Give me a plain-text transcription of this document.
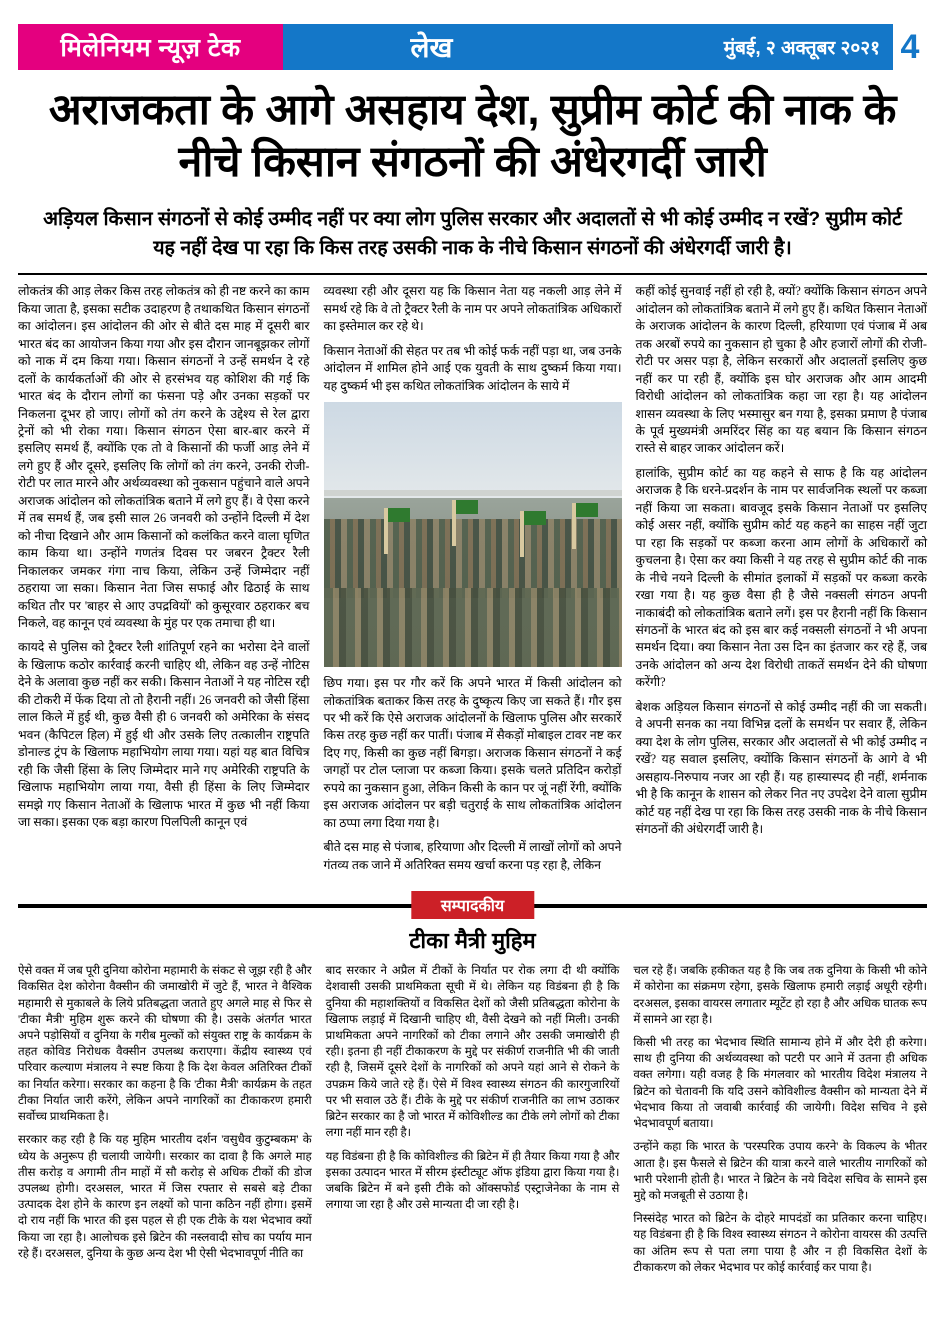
मिलेनियम न्यूज़ टेक	लेख	मुंबई, २ अक्तूबर २०२१ 4
अराजकता के आगे असहाय देश, सुप्रीम कोर्ट की नाक के नीचे किसान संगठनों की अंधेरगर्दी जारी
अड़ियल किसान संगठनों से कोई उम्मीद नहीं पर क्या लोग पुलिस सरकार और अदालतों से भी कोई उम्मीद न रखें? सुप्रीम कोर्ट यह नहीं देख पा रहा कि किस तरह उसकी नाक के नीचे किसान संगठनों की अंधेरगर्दी जारी है।

लोकतंत्र की आड़ लेकर किस तरह लोकतंत्र को ही नष्ट करने का काम किया जाता है, इसका सटीक उदाहरण है तथाकथित किसान संगठनों का आंदोलन। इस आंदोलन की ओर से बीते दस माह में दूसरी बार भारत बंद का आयोजन किया गया और इस दौरान जानबूझकर लोगों को नाक में दम किया गया। किसान संगठनों ने उन्हें समर्थन दे रहे दलों के कार्यकर्ताओं की ओर से हरसंभव यह कोशिश की गई कि भारत बंद के दौरान लोगों का फंसना पड़े और उनका सड़कों पर निकलना दूभर हो जाए। लोगों को तंग करने के उद्देश्य से रेल द्वारा ट्रेनों को भी रोका गया। किसान संगठन ऐसा बार-बार करने में इसलिए समर्थ हैं, क्योंकि एक तो वे किसानों की फर्जी आड़ लेने में लगे हुए हैं और दूसरे, इसलिए कि लोगों को तंग करने, उनकी रोजी-रोटी पर लात मारने और अर्थव्यवस्था को नुकसान पहुंचाने वाले अपने अराजक आंदोलन को लोकतांत्रिक बताने में लगे हुए हैं। वे ऐसा करने में तब समर्थ हैं, जब इसी साल 26 जनवरी को उन्होंने दिल्ली में देश को नीचा दिखाने और आम किसानों को कलंकित करने वाला घृणित काम किया था। उन्होंने गणतंत्र दिवस पर जबरन ट्रैक्टर रैली निकालकर जमकर गंगा नाच किया, लेकिन उन्हें जिम्मेदार नहीं ठहराया जा सका। किसान नेता जिस सफाई और ढिठाई के साथ कथित तौर पर 'बाहर से आए उपद्रवियों' को कुसूरवार ठहराकर बच निकले, वह कानून एवं व्यवस्था के मुंह पर एक तमाचा ही था।

कायदे से पुलिस को ट्रैक्टर रैली शांतिपूर्ण रहने का भरोसा देने वालों के खिलाफ कठोर कार्रवाई करनी चाहिए थी, लेकिन वह उन्हें नोटिस देने के अलावा कुछ नहीं कर सकी। किसान नेताओं ने यह नोटिस रद्दी की टोकरी में फेंक दिया तो तो हैरानी नहीं। 26 जनवरी को जैसी हिंसा लाल किले में हुई थी, कुछ वैसी ही 6 जनवरी को अमेरिका के संसद भवन (कैपिटल हिल) में हुई थी और उसके लिए तत्कालीन राष्ट्रपति डोनाल्ड ट्रंप के खिलाफ महाभियोग लाया गया। यहां यह बात विचित्र रही कि जैसी हिंसा के लिए जिम्मेदार माने गए अमेरिकी राष्ट्रपति के खिलाफ महाभियोग लाया गया, वैसी ही हिंसा के लिए जिम्मेदार समझे गए किसान नेताओं के खिलाफ भारत में कुछ भी नहीं किया जा सका। इसका एक बड़ा कारण पिलपिली कानून एवं

व्यवस्था रही और दूसरा यह कि किसान नेता यह नकली आड़ लेने में समर्थ रहे कि वे तो ट्रैक्टर रैली के नाम पर अपने लोकतांत्रिक अधिकारों का इस्तेमाल कर रहे थे।

किसान नेताओं की सेहत पर तब भी कोई फर्क नहीं पड़ा था, जब उनके आंदोलन में शामिल होने आई एक युवती के साथ दुष्कर्म किया गया। यह दुष्कर्म भी इस कथित लोकतांत्रिक आंदोलन के साये में

छिप गया। इस पर गौर करें कि अपने भारत में किसी आंदोलन को लोकतांत्रिक बताकर किस तरह के दुष्कृत्य किए जा सकते हैं। गौर इस पर भी करें कि ऐसे अराजक आंदोलनों के खिलाफ पुलिस और सरकारें किस तरह कुछ नहीं कर पातीं। पंजाब में सैकड़ों मोबाइल टावर नष्ट कर दिए गए, किसी का कुछ नहीं बिगड़ा। अराजक किसान संगठनों ने कई जगहों पर टोल प्लाजा पर कब्जा किया। इसके चलते प्रतिदिन करोड़ों रुपये का नुकसान हुआ, लेकिन किसी के कान पर जूं नहीं रेंगी, क्योंकि इस अराजक आंदोलन पर बड़ी चतुराई के साथ लोकतांत्रिक आंदोलन का ठप्पा लगा दिया गया है।

बीते दस माह से पंजाब, हरियाणा और दिल्ली में लाखों लोगों को अपने गंतव्य तक जाने में अतिरिक्त समय खर्चा करना पड़ रहा है, लेकिन

कहीं कोई सुनवाई नहीं हो रही है, क्यों? क्योंकि किसान संगठन अपने आंदोलन को लोकतांत्रिक बताने में लगे हुए हैं। कथित किसान नेताओं के अराजक आंदोलन के कारण दिल्ली, हरियाणा एवं पंजाब में अब तक अरबों रुपये का नुकसान हो चुका है और हजारों लोगों की रोजी-रोटी पर असर पड़ा है, लेकिन सरकारों और अदालतों इसलिए कुछ नहीं कर पा रही हैं, क्योंकि इस घोर अराजक और आम आदमी विरोधी आंदोलन को लोकतांत्रिक कहा जा रहा है। यह आंदोलन शासन व्यवस्था के लिए भस्मासुर बन गया है, इसका प्रमाण है पंजाब के पूर्व मुख्यमंत्री अमरिंदर सिंह का यह बयान कि किसान संगठन रास्ते से बाहर जाकर आंदोलन करें।

हालांकि, सुप्रीम कोर्ट का यह कहने से साफ है कि यह आंदोलन अराजक है कि धरने-प्रदर्शन के नाम पर सार्वजनिक स्थलों पर कब्जा नहीं किया जा सकता। बावजूद इसके किसान नेताओं पर इसलिए कोई असर नहीं, क्योंकि सुप्रीम कोर्ट यह कहने का साहस नहीं जुटा पा रहा कि सड़कों पर कब्जा करना आम लोगों के अधिकारों को कुचलना है। ऐसा कर क्या किसी ने यह तरह से सुप्रीम कोर्ट की नाक के नीचे नयने दिल्ली के सीमांत इलाकों में सड़कों पर कब्जा करके रखा गया है। यह कुछ वैसा ही है जैसे नक्सली संगठन अपनी नाकाबंदी को लोकतांत्रिक बताने लगें। इस पर हैरानी नहीं कि किसान संगठनों के भारत बंद को इस बार कई नक्सली संगठनों ने भी अपना समर्थन दिया। क्या किसान नेता उस दिन का इंतजार कर रहे हैं, जब उनके आंदोलन को अन्य देश विरोधी ताकतें समर्थन देने की घोषणा करेंगी?

बेशक अड़ियल किसान संगठनों से कोई उम्मीद नहीं की जा सकती। वे अपनी सनक का नया विभिन्न दलों के समर्थन पर सवार हैं, लेकिन क्या देश के लोग पुलिस, सरकार और अदालतों से भी कोई उम्मीद न रखें? यह सवाल इसलिए, क्योंकि किसान संगठनों के आगे वे भी असहाय-निरुपाय नजर आ रही हैं। यह हास्यास्पद ही नहीं, शर्मनाक भी है कि कानून के शासन को लेकर नित नए उपदेश देने वाला सुप्रीम कोर्ट यह नहीं देख पा रहा कि किस तरह उसकी नाक के नीचे किसान संगठनों की अंधेरगर्दी जारी है।

सम्पादकीय
टीका मैत्री मुहिम

ऐसे वक्त में जब पूरी दुनिया कोरोना महामारी के संकट से जूझ रही है और विकसित देश कोरोना वैक्सीन की जमाखोरी में जुटे हैं, भारत ने वैश्विक महामारी से मुकाबले के लिये प्रतिबद्धता जताते हुए अगले माह से फिर से 'टीका मैत्री' मुहिम शुरू करने की घोषणा की है। उसके अंतर्गत भारत अपने पड़ोसियों व दुनिया के गरीब मुल्कों को संयुक्त राष्ट्र के कार्यक्रम के तहत कोविड निरोधक वैक्सीन उपलब्ध कराएगा। केंद्रीय स्वास्थ्य एवं परिवार कल्याण मंत्रालय ने स्पष्ट किया है कि देश केवल अतिरिक्त टीकों का निर्यात करेगा। सरकार का कहना है कि 'टीका मैत्री' कार्यक्रम के तहत टीका निर्यात जारी करेंगे, लेकिन अपने नागरिकों का टीकाकरण हमारी सर्वोच्च प्राथमिकता है।

सरकार कह रही है कि यह मुहिम भारतीय दर्शन 'वसुधैव कुटुम्बकम' के ध्येय के अनुरूप ही चलायी जायेगी। सरकार का दावा है कि अगले माह तीस करोड़ व अगामी तीन माहों में सौ करोड़ से अधिक टीकों की डोज उपलब्ध होगी। दरअसल, भारत में जिस रफ्तार से सबसे बड़े टीका उत्पादक देश होने के कारण इन लक्ष्यों को पाना कठिन नहीं होगा। इसमें दो राय नहीं कि भारत की इस पहल से ही एक टीके के यश भेदभाव क्यों किया जा रहा है। आलोचक इसे ब्रिटेन की नस्लवादी सोच का पर्याय मान रहे हैं। दरअसल, दुनिया के कुछ अन्य देश भी ऐसी भेदभावपूर्ण नीति का

बाद सरकार ने अप्रैल में टीकों के निर्यात पर रोक लगा दी थी क्योंकि देशवासी उसकी प्राथमिकता सूची में थे। लेकिन यह विडंबना ही है कि दुनिया की महाशक्तियों व विकसित देशों को जैसी प्रतिबद्धता कोरोना के खिलाफ लड़ाई में दिखानी चाहिए थी, वैसी देखने को नहीं मिली। उनकी प्राथमिकता अपने नागरिकों को टीका लगाने और उसकी जमाखोरी ही रही। इतना ही नहीं टीकाकरण के मुद्दे पर संकीर्ण राजनीति भी की जाती रही है, जिसमें दूसरे देशों के नागरिकों को अपने यहां आने से रोकने के उपक्रम किये जाते रहे हैं। ऐसे में विश्व स्वास्थ्य संगठन की कारगुजारियों पर भी सवाल उठे हैं। टीके के मुद्दे पर संकीर्ण राजनीति का लाभ उठाकर ब्रिटेन सरकार का है जो भारत में कोविशील्ड का टीके लगे लोगों को टीका लगा नहीं मान रही है।

यह विडंबना ही है कि कोविशील्ड की ब्रिटेन में ही तैयार किया गया है और इसका उत्पादन भारत में सीरम इंस्टीट्यूट ऑफ इंडिया द्वारा किया गया है। जबकि ब्रिटेन में बने इसी टीके को ऑक्सफोर्ड एस्ट्राजेनेका के नाम से लगाया जा रहा है और उसे मान्यता दी जा रही है।

चल रहे हैं। जबकि हकीकत यह है कि जब तक दुनिया के किसी भी कोने में कोरोना का संक्रमण रहेगा, इसके खिलाफ हमारी लड़ाई अधूरी रहेगी। दरअसल, इसका वायरस लगातार म्यूटेंट हो रहा है और अधिक घातक रूप में सामने आ रहा है।

किसी भी तरह का भेदभाव स्थिति सामान्य होने में और देरी ही करेगा। साथ ही दुनिया की अर्थव्यवस्था को पटरी पर आने में उतना ही अधिक वक्त लगेगा। यही वजह है कि मंगलवार को भारतीय विदेश मंत्रालय ने ब्रिटेन को चेतावनी कि यदि उसने कोविशील्ड वैक्सीन को मान्यता देने में भेदभाव किया तो जवाबी कार्रवाई की जायेगी। विदेश सचिव ने इसे भेदभावपूर्ण बताया।

उन्होंने कहा कि भारत के 'परस्परिक उपाय करने' के विकल्प के भीतर आता है। इस फैसले से ब्रिटेन की यात्रा करने वाले भारतीय नागरिकों को भारी परेशानी होती है। भारत ने ब्रिटेन के नये विदेश सचिव के सामने इस मुद्दे को मजबूती से उठाया है।

निस्संदेह भारत को ब्रिटेन के दोहरे मापदंडों का प्रतिकार करना चाहिए। यह विडंबना ही है कि विश्व स्वास्थ्य संगठन ने कोरोना वायरस की उत्पत्ति का अंतिम रूप से पता लगा पाया है और न ही विकसित देशों के टीकाकरण को लेकर भेदभाव पर कोई कार्रवाई कर पाया है।
